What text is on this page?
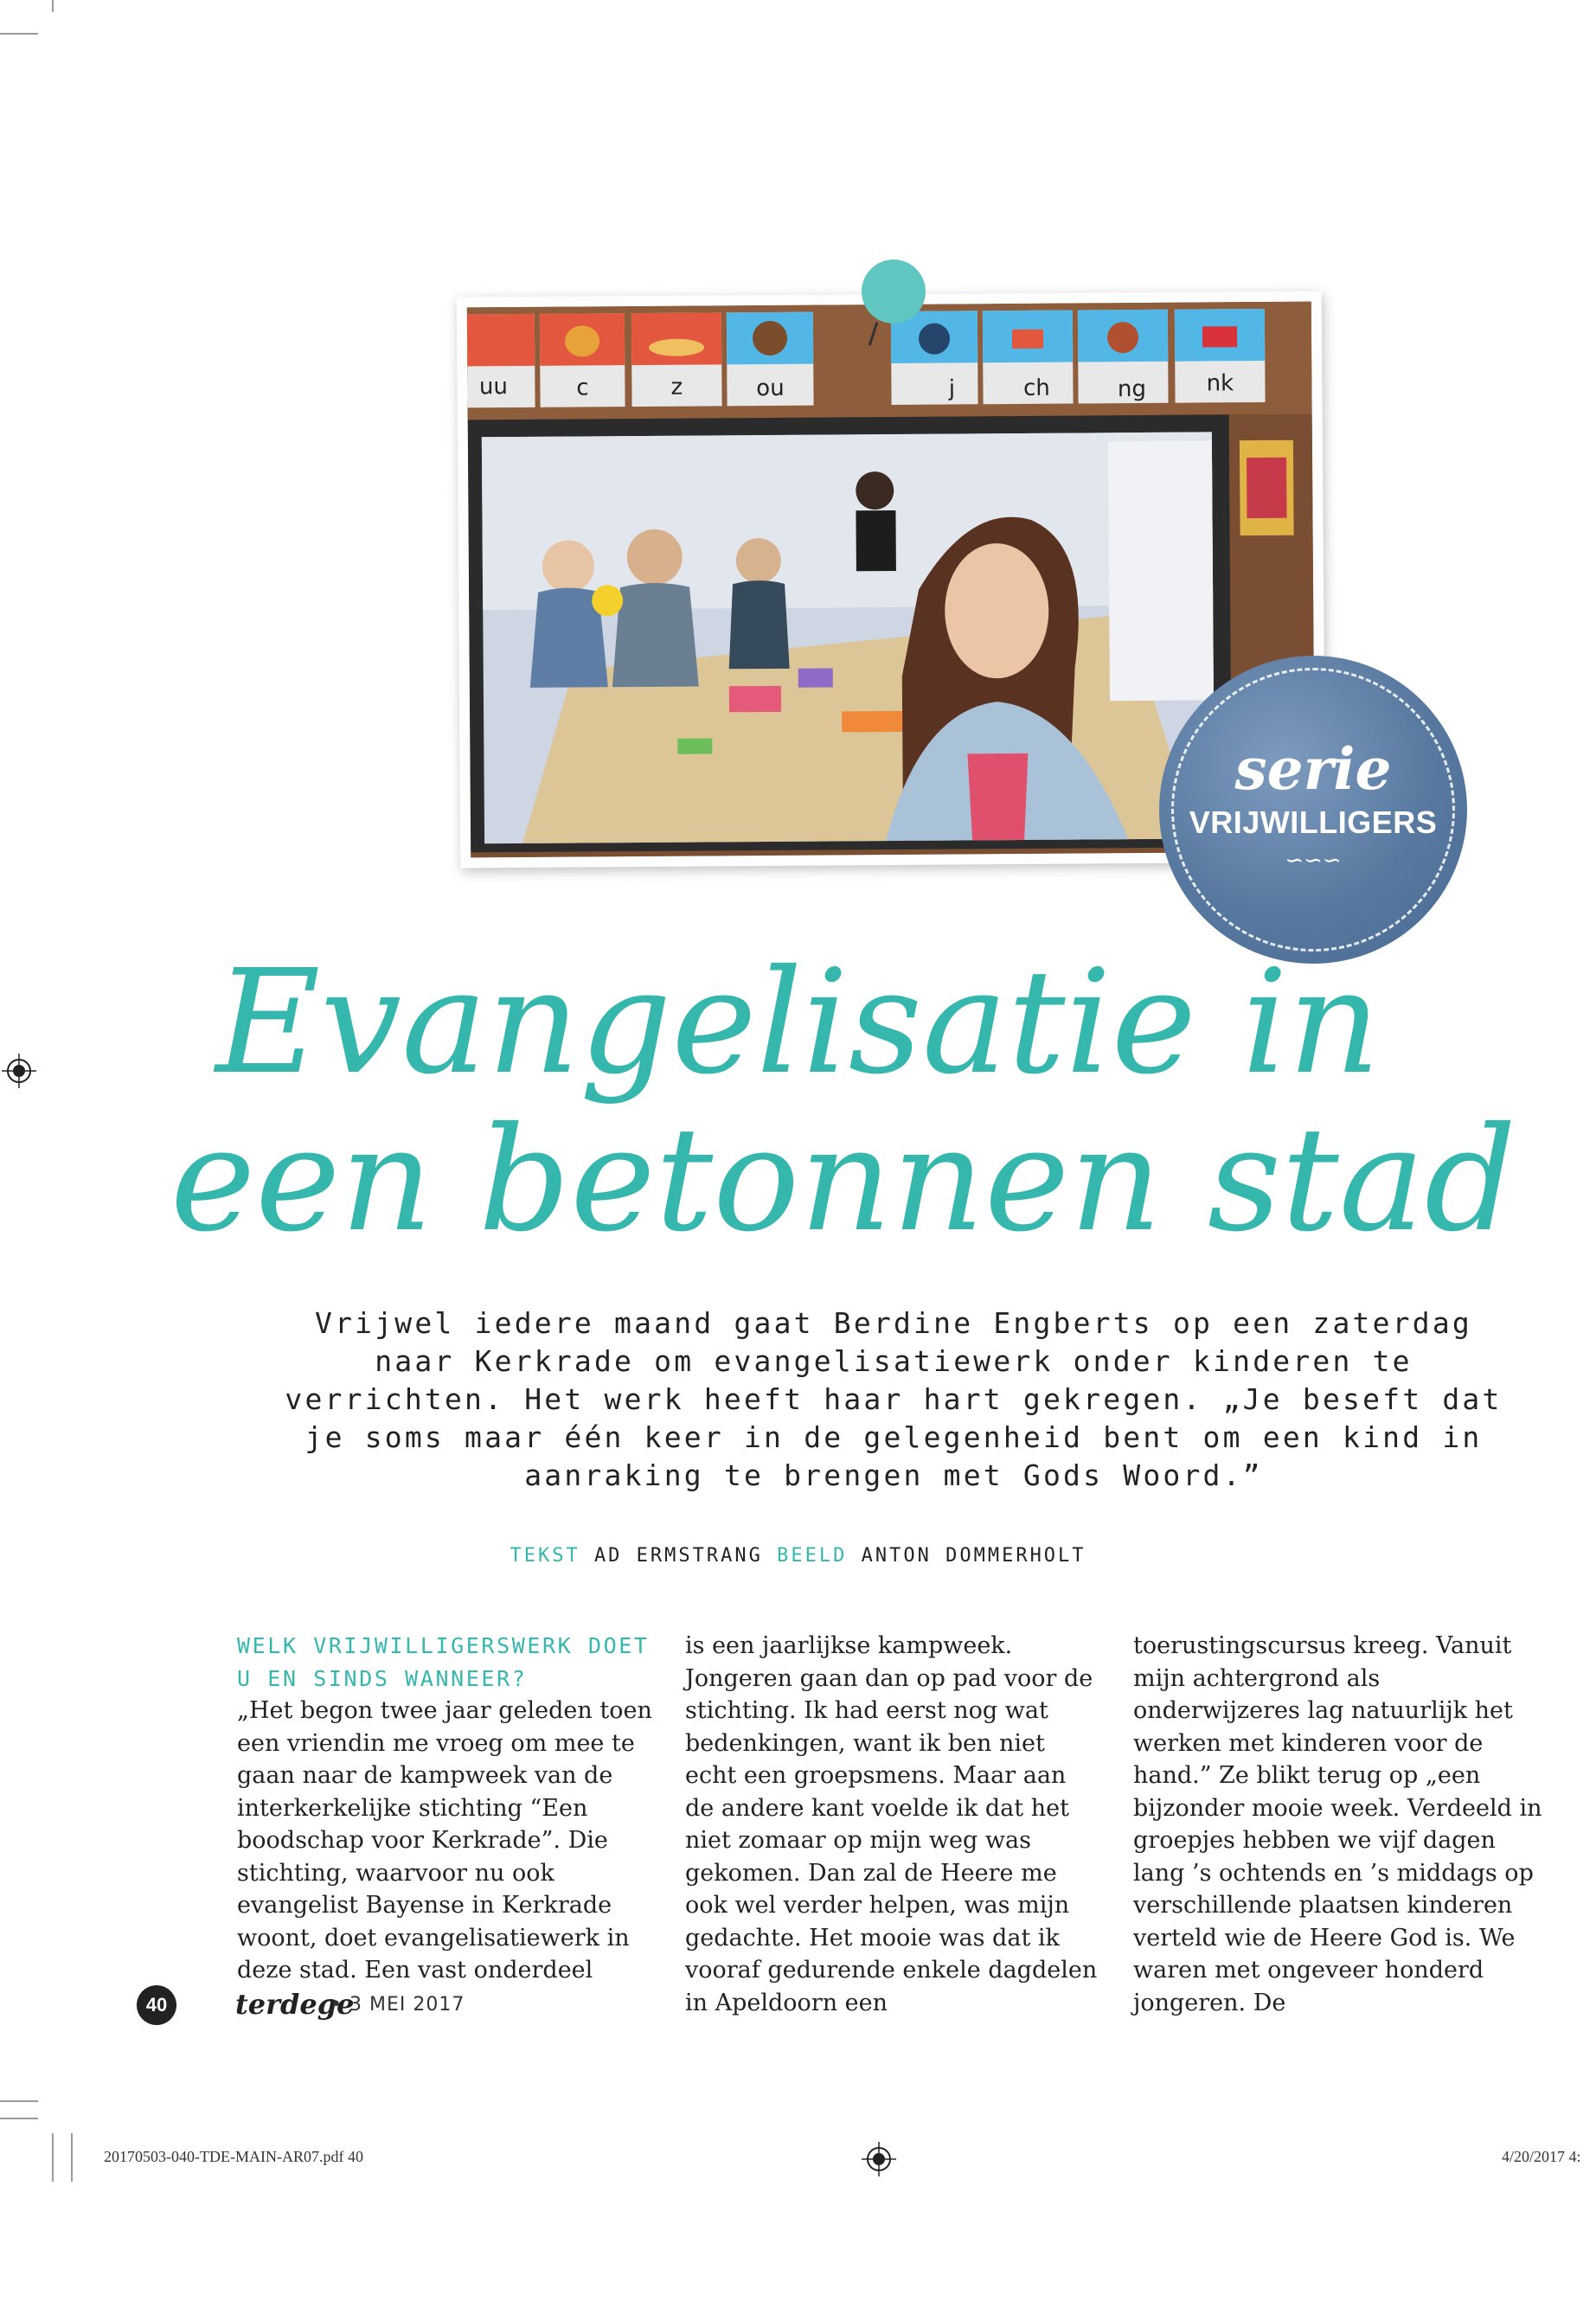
uu	c	z	ou	j	ch	ng	nk
serie
VRIJWILLIGERS
∽∽∽
Evangelisatie in
een betonnen stad
Vrijwel iedere maand gaat Berdine Engberts op een zaterdag naar Kerkrade om evangelisatiewerk onder kinderen te verrichten. Het werk heeft haar hart gekregen. „Je beseft dat je soms maar één keer in de gelegenheid bent om een kind in aanraking te brengen met Gods Woord.”
TEKST AD ERMSTRANG BEELD ANTON DOMMERHOLT

WELK VRIJWILLIGERSWERK DOET U EN SINDS WANNEER?

„Het begon twee jaar geleden toen een vriendin me vroeg om mee te gaan naar de kampweek van de interkerkelijke stichting “Een boodschap voor Kerkrade”. Die stichting, waarvoor nu ook evangelist Bayense in Kerkrade woont, doet evangelisatiewerk in deze stad. Een vast onderdeel

is een jaarlijkse kampweek. Jongeren gaan dan op pad voor de stichting. Ik had eerst nog wat bedenkingen, want ik ben niet echt een groepsmens. Maar aan de andere kant voelde ik dat het niet zomaar op mijn weg was gekomen. Dan zal de Heere me ook wel verder helpen, was mijn gedachte. Het mooie was dat ik vooraf gedurende enkele dagdelen in Apeldoorn een

toerustingscursus kreeg. Vanuit mijn achtergrond als onderwijzeres lag natuurlijk het werken met kinderen voor de hand.” Ze blikt terug op „een bijzonder mooie week. Verdeeld in groepjes hebben we vijf dagen lang ’s ochtends en ’s middags op verschillende plaatsen kinderen verteld wie de Heere God is. We waren met ongeveer honderd jongeren. De

40	terdege
• 3 MEI 2017
20170503-040-TDE-MAIN-AR07.pdf 40	4/20/2017 4:
